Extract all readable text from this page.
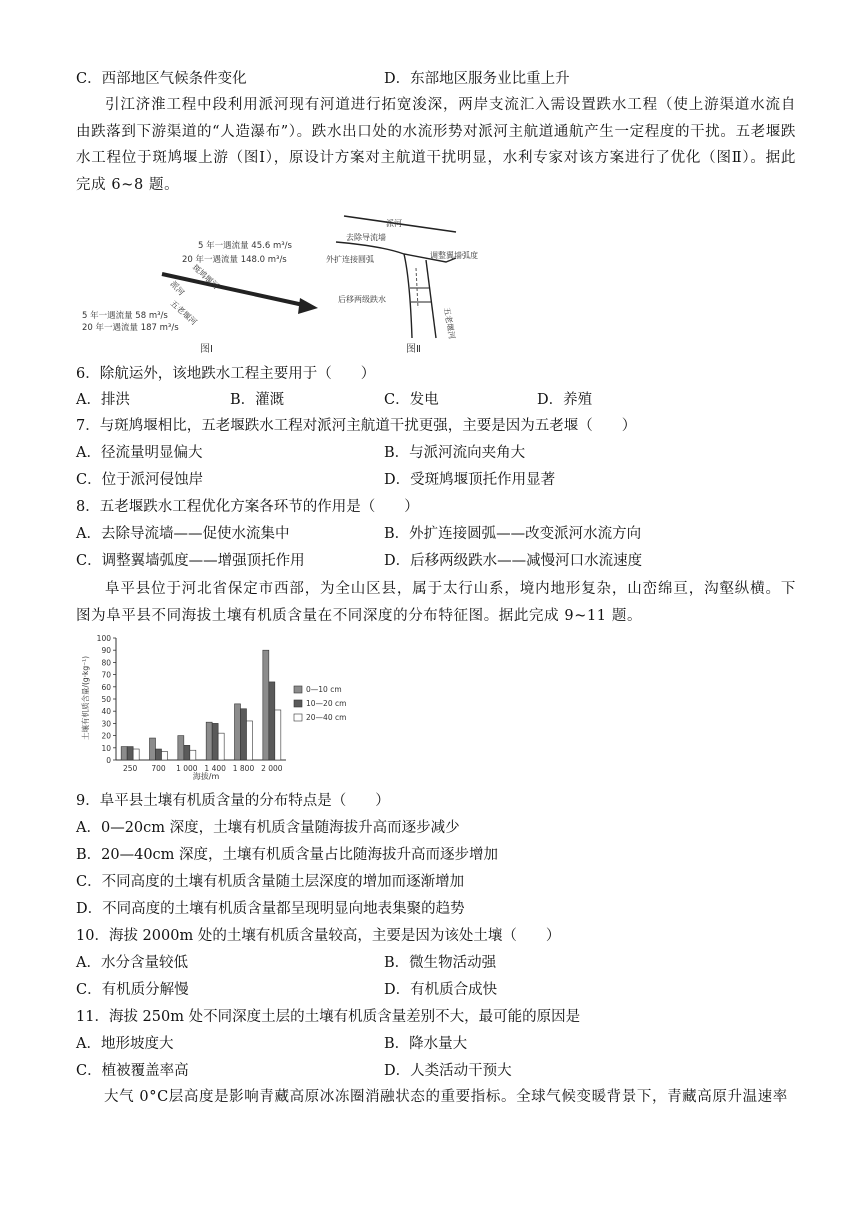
C．西部地区气候条件变化	D．东部地区服务业比重上升
引江济淮工程中段利用派河现有河道进行拓宽浚深，两岸支流汇入需设置跌水工程（使上游渠道水流自由跌落到下游渠道的“人造瀑布”）。跌水出口处的水流形势对派河主航道通航产生一定程度的干扰。五老堰跌水工程位于斑鸠堰上游（图Ⅰ），原设计方案对主航道干扰明显，水利专家对该方案进行了优化（图Ⅱ）。据此完成 6~8 题。
5 年一遇流量 45.6 m³/s
20 年一遇流量 148.0 m³/s
5 年一遇流量 58 m³/s
20 年一遇流量 187 m³/s
派河 斑鸠堰河
五老堰河
图Ⅰ
派河
去除导流墙
外扩连接圆弧	调整翼墙弧度
后移两级跌水
五老堰河
图Ⅱ
6．除航运外，该地跌水工程主要用于（　　）
A．排洪	B．灌溉	C．发电	D．养殖
7．与斑鸠堰相比，五老堰跌水工程对派河主航道干扰更强，主要是因为五老堰（　　）
A．径流量明显偏大	B．与派河流向夹角大
C．位于派河侵蚀岸	D．受斑鸠堰顶托作用显著
8．五老堰跌水工程优化方案各环节的作用是（　　）
A．去除导流墙——促使水流集中	B．外扩连接圆弧——改变派河水流方向
C．调整翼墙弧度——增强顶托作用	D．后移两级跌水——减慢河口水流速度
阜平县位于河北省保定市西部，为全山区县，属于太行山系，境内地形复杂，山峦绵亘，沟壑纵横。下图为阜平县不同海拔土壤有机质含量在不同深度的分布特征图。据此完成 9~11 题。
土壤有机质含量/(g·kg⁻¹)
海拔/m
0
10
20
30
40
50
60
70
80
90
100
250 700 1 000 1 400 1 800 2 000
0—10 cm
10—20 cm
20—40 cm
9．阜平县土壤有机质含量的分布特点是（　　）
A．0—20cm 深度，土壤有机质含量随海拔升高而逐步减少
B．20—40cm 深度，土壤有机质含量占比随海拔升高而逐步增加
C．不同高度的土壤有机质含量随土层深度的增加而逐渐增加
D．不同高度的土壤有机质含量都呈现明显向地表集聚的趋势
10．海拔 2000m 处的土壤有机质含量较高，主要是因为该处土壤（　　）
A．水分含量较低	B．微生物活动强
C．有机质分解慢	D．有机质合成快
11．海拔 250m 处不同深度土层的土壤有机质含量差别不大，最可能的原因是
A．地形坡度大	B．降水量大
C．植被覆盖率高	D．人类活动干预大
大气 0°C层高度是影响青藏高原冰冻圈消融状态的重要指标。全球气候变暖背景下，青藏高原升温速率
